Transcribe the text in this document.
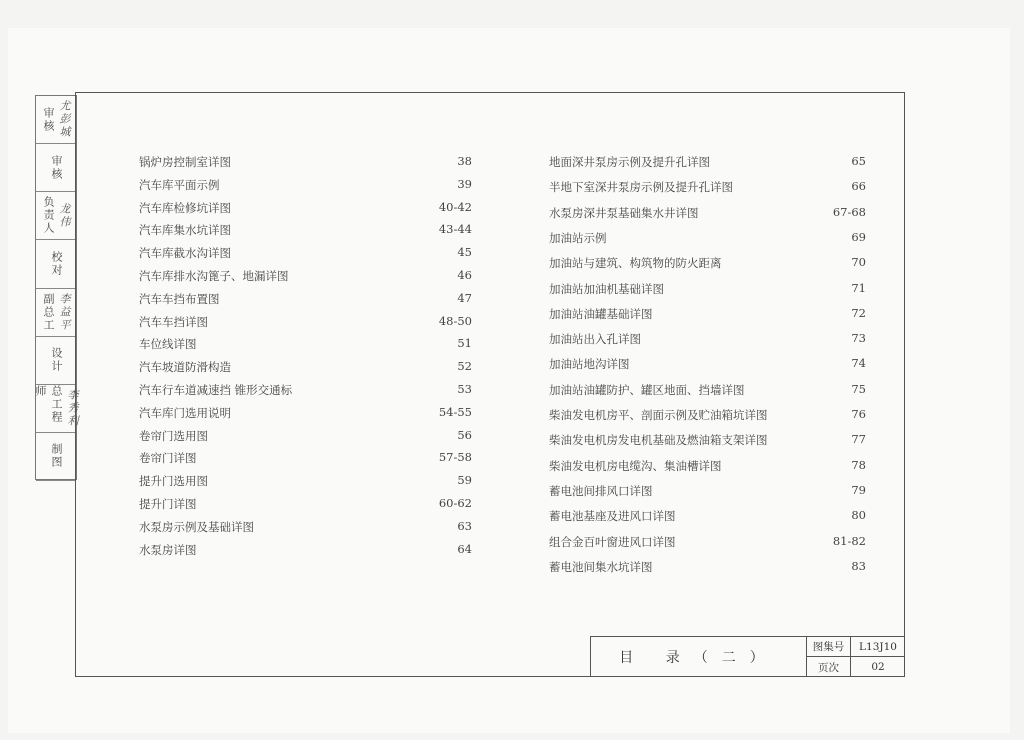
审核 尤彭城
审核
负责人 龙伟
校对
副总工 李益平
设计
总工程师	李秀利
制图
锅炉房控制室详图	38
汽车库平面示例	39
汽车库检修坑详图	40-42
汽车库集水坑详图	43-44
汽车库截水沟详图	45
汽车库排水沟篦子、地漏详图	46
汽车车挡布置图	47
汽车车挡详图	48-50
车位线详图	51
汽车坡道防滑构造	52
汽车行车道减速挡 锥形交通标	53
汽车库门选用说明	54-55
卷帘门选用图	56
卷帘门详图	57-58
提升门选用图	59
提升门详图	60-62
水泵房示例及基础详图	63
水泵房详图	64
地面深井泵房示例及提升孔详图	65
半地下室深井泵房示例及提升孔详图	66
水泵房深井泵基础集水井详图	67-68
加油站示例	69
加油站与建筑、构筑物的防火距离	70
加油站加油机基础详图	71
加油站油罐基础详图	72
加油站出入孔详图	73
加油站地沟详图	74
加油站油罐防护、罐区地面、挡墙详图	75
柴油发电机房平、剖面示例及贮油箱坑详图	76
柴油发电机房发电机基础及燃油箱支架详图	77
柴油发电机房电缆沟、集油槽详图	78
蓄电池间排风口详图	79
蓄电池基座及进风口详图	80
组合金百叶窗进风口详图	81-82
蓄电池间集水坑详图	83
目 录（二）
图集号	L13J10
页次	02
